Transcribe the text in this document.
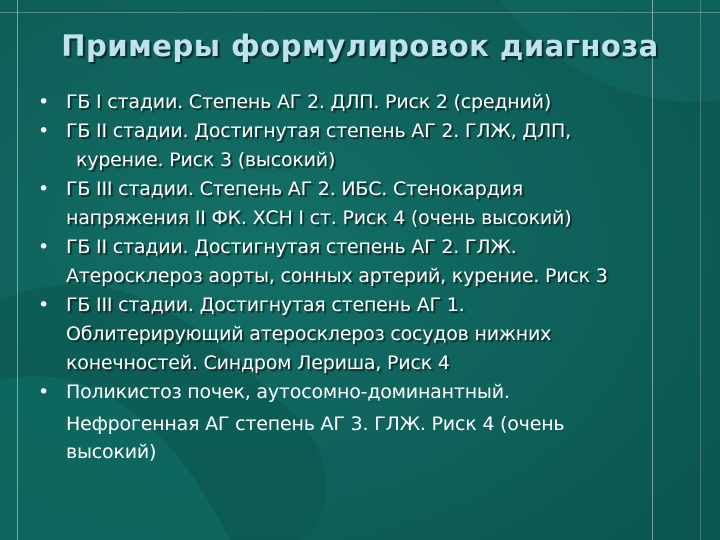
Примеры формулировок диагноза
• ГБ I стадии. Степень АГ 2. ДЛП. Риск 2 (средний)
• ГБ II стадии. Достигнутая степень АГ 2. ГЛЖ, ДЛП,
курение. Риск 3 (высокий)
• ГБ III стадии. Степень АГ 2. ИБС. Стенокардия
напряжения II ФК. ХСН I ст. Риск 4 (очень высокий)
• ГБ II стадии. Достигнутая степень АГ 2. ГЛЖ.
Атеросклероз аорты, сонных артерий, курение. Риск 3
• ГБ III стадии. Достигнутая степень АГ 1.
Облитерирующий атеросклероз сосудов нижних
конечностей. Синдром Лериша, Риск 4
• Поликистоз почек, аутосомно-доминантный.
Нефрогенная АГ степень АГ 3. ГЛЖ. Риск 4 (очень
высокий)
